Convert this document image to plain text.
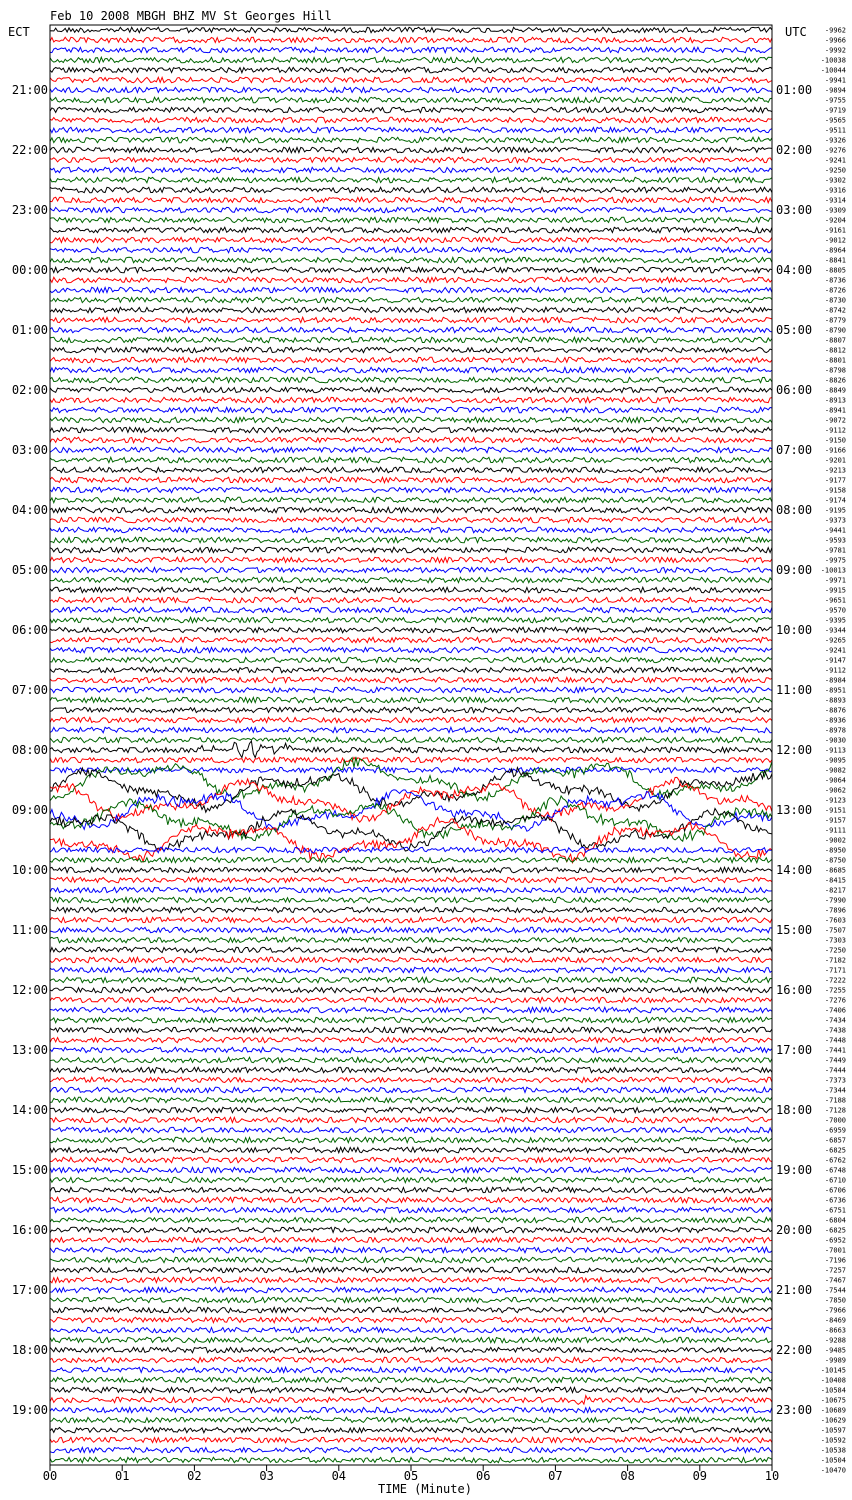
Feb 10 2008 MBGH BHZ MV St Georges Hill
ECT	UTC
21:00
22:00
23:00
00:00
01:00
02:00
03:00
04:00
05:00
06:00
07:00
08:00
09:00
10:00
11:00
12:00
13:00
14:00
15:00
16:00
17:00
18:00
19:00
01:00
02:00
03:00
04:00
05:00
06:00
07:00
08:00
09:00
10:00
11:00
12:00
13:00
14:00
15:00
16:00
17:00
18:00
19:00
20:00
21:00
22:00
23:00
-9962
-9966
-9992
-10038
-10044
-9941
-9894
-9755
-9719
-9565
-9511
-9326
-9276
-9241
-9250
-9302
-9316
-9314
-9309
-9204
-9161
-9012
-8964
-8841
-8805
-8736
-8726
-8730
-8742
-8779
-8790
-8807
-8812
-8801
-8798
-8826
-8849
-8913
-8941
-9072
-9112
-9150
-9166
-9201
-9213
-9177
-9158
-9174
-9195
-9373
-9441
-9593
-9781
-9975
-10013
-9971
-9915
-9651
-9570
-9395
-9344
-9265
-9241
-9147
-9112
-8984
-8951
-8893
-8876
-8936
-8978
-9030
-9113
-9095
-9082
-9064
-9062
-9123
-9151
-9157
-9111
-9002
-8950
-8750
-8685
-8415
-8217
-7990
-7896
-7603
-7507
-7303
-7250
-7182
-7171
-7222
-7255
-7276
-7406
-7434
-7438
-7448
-7441
-7449
-7444
-7373
-7344
-7188
-7128
-7000
-6959
-6857
-6825
-6762
-6748
-6710
-6706
-6736
-6751
-6804
-6825
-6952
-7001
-7196
-7257
-7467
-7544
-7850
-7966
-8469
-8663
-9288
-9485
-9989
-10145
-10408
-10584
-10675
-10689
-10629
-10597
-10592
-10538
-10504
-10470
00	01	02	03	04	05	06	07	08	09	10
TIME (Minute)
